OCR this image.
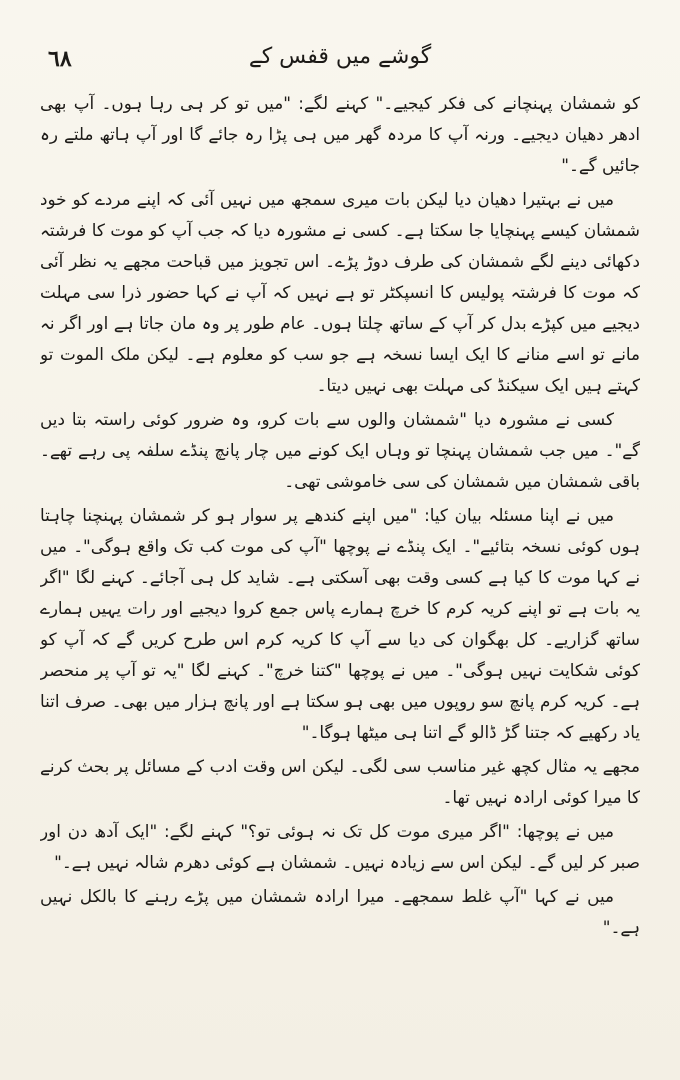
٦٨	گوشے میں قفس کے

کو شمشان پہنچانے کی فکر کیجیے۔" کہنے لگے: "میں تو کر ہی رہا ہوں۔ آپ بھی ادھر دھیان دیجیے۔ ورنہ آپ کا مردہ گھر میں ہی پڑا رہ جائے گا اور آپ ہاتھ ملتے رہ جائیں گے۔"

میں نے بہتیرا دھیان دیا لیکن بات میری سمجھ میں نہیں آئی کہ اپنے مردے کو خود شمشان کیسے پہنچایا جا سکتا ہے۔ کسی نے مشورہ دیا کہ جب آپ کو موت کا فرشتہ دکھائی دینے لگے شمشان کی طرف دوڑ پڑے۔ اس تجویز میں قباحت مجھے یہ نظر آئی کہ موت کا فرشتہ پولیس کا انسپکٹر تو ہے نہیں کہ آپ نے کہا حضور ذرا سی مہلت دیجیے میں کپڑے بدل کر آپ کے ساتھ چلتا ہوں۔ عام طور پر وہ مان جاتا ہے اور اگر نہ مانے تو اسے منانے کا ایک ایسا نسخہ ہے جو سب کو معلوم ہے۔ لیکن ملک الموت تو کہتے ہیں ایک سیکنڈ کی مہلت بھی نہیں دیتا۔

کسی نے مشورہ دیا "شمشان والوں سے بات کرو، وہ ضرور کوئی راستہ بتا دیں گے"۔ میں جب شمشان پہنچا تو وہاں ایک کونے میں چار پانچ پنڈے سلفہ پی رہے تھے۔ باقی شمشان میں شمشان کی سی خاموشی تھی۔

میں نے اپنا مسئلہ بیان کیا: "میں اپنے کندھے پر سوار ہو کر شمشان پہنچنا چاہتا ہوں کوئی نسخہ بتائیے"۔ ایک پنڈے نے پوچھا "آپ کی موت کب تک واقع ہوگی"۔ میں نے کہا موت کا کیا ہے کسی وقت بھی آسکتی ہے۔ شاید کل ہی آجائے۔ کہنے لگا "اگر یہ بات ہے تو اپنے کریہ کرم کا خرچ ہمارے پاس جمع کروا دیجیے اور رات یہیں ہمارے ساتھ گزاریے۔ کل بھگوان کی دیا سے آپ کا کریہ کرم اس طرح کریں گے کہ آپ کو کوئی شکایت نہیں ہوگی"۔ میں نے پوچھا "کتنا خرچ"۔ کہنے لگا "یہ تو آپ پر منحصر ہے۔ کریہ کرم پانچ سو روپوں میں بھی ہو سکتا ہے اور پانچ ہزار میں بھی۔ صرف اتنا یاد رکھیے کہ جتنا گڑ ڈالو گے اتنا ہی میٹھا ہوگا۔"

مجھے یہ مثال کچھ غیر مناسب سی لگی۔ لیکن اس وقت ادب کے مسائل پر بحث کرنے کا میرا کوئی ارادہ نہیں تھا۔

میں نے پوچھا: "اگر میری موت کل تک نہ ہوئی تو؟" کہنے لگے: "ایک آدھ دن اور صبر کر لیں گے۔ لیکن اس سے زیادہ نہیں۔ شمشان ہے کوئی دھرم شالہ نہیں ہے۔"

میں نے کہا "آپ غلط سمجھے۔ میرا ارادہ شمشان میں پڑے رہنے کا بالکل نہیں ہے۔"
